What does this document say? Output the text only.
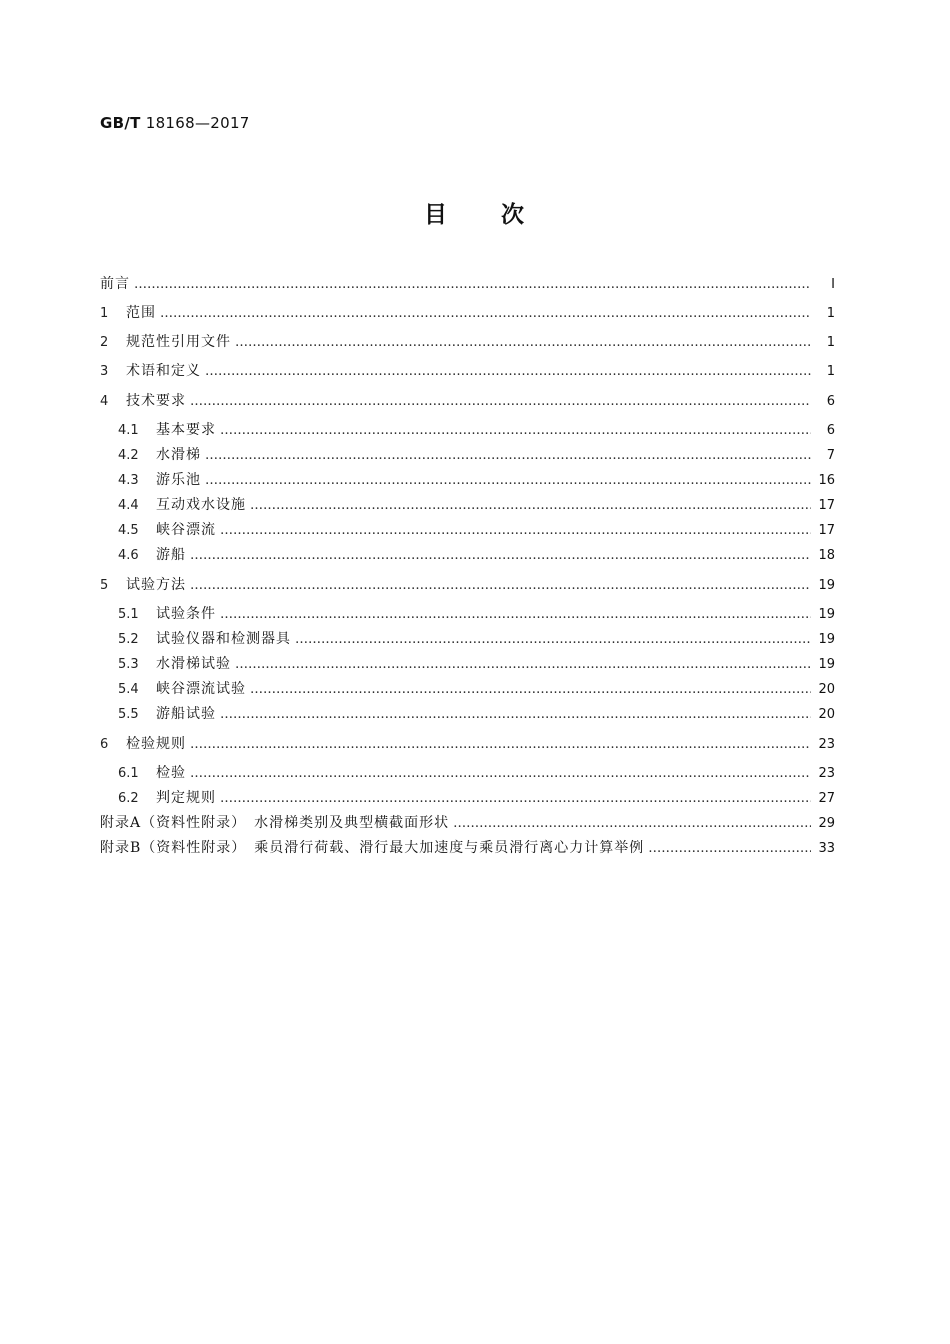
GB/T 18168—2017
目 次
前言 …………………………………………………………………………………………………………………………………………………………………………………………	Ⅰ
1	范围 …………………………………………………………………………………………………………………………………………………………………………………………	1
2	规范性引用文件 …………………………………………………………………………………………………………………………………………………………………………………………	1
3	术语和定义 …………………………………………………………………………………………………………………………………………………………………………………………	1
4	技术要求 …………………………………………………………………………………………………………………………………………………………………………………………	6
4.1	基本要求 …………………………………………………………………………………………………………………………………………………………………………………………	6
4.2	水滑梯 …………………………………………………………………………………………………………………………………………………………………………………………	7
4.3	游乐池 …………………………………………………………………………………………………………………………………………………………………………………………	16
4.4	互动戏水设施 …………………………………………………………………………………………………………………………………………………………………………………………	17
4.5	峡谷漂流 …………………………………………………………………………………………………………………………………………………………………………………………	17
4.6	游船 …………………………………………………………………………………………………………………………………………………………………………………………	18
5	试验方法 …………………………………………………………………………………………………………………………………………………………………………………………	19
5.1	试验条件 …………………………………………………………………………………………………………………………………………………………………………………………	19
5.2	试验仪器和检测器具 …………………………………………………………………………………………………………………………………………………………………………………………	19
5.3	水滑梯试验 …………………………………………………………………………………………………………………………………………………………………………………………	19
5.4	峡谷漂流试验 …………………………………………………………………………………………………………………………………………………………………………………………	20
5.5	游船试验 …………………………………………………………………………………………………………………………………………………………………………………………	20
6	检验规则 …………………………………………………………………………………………………………………………………………………………………………………………	23
6.1	检验 …………………………………………………………………………………………………………………………………………………………………………………………	23
6.2	判定规则 …………………………………………………………………………………………………………………………………………………………………………………………	27
附录A（资料性附录）　水滑梯类别及典型横截面形状 …………………………………………………………………………………………………………………………………………………………………………………………	29
附录B（资料性附录）　乘员滑行荷载、滑行最大加速度与乘员滑行离心力计算举例 …………………………………………………………………………………………………………………………………………………………………………………………	33
